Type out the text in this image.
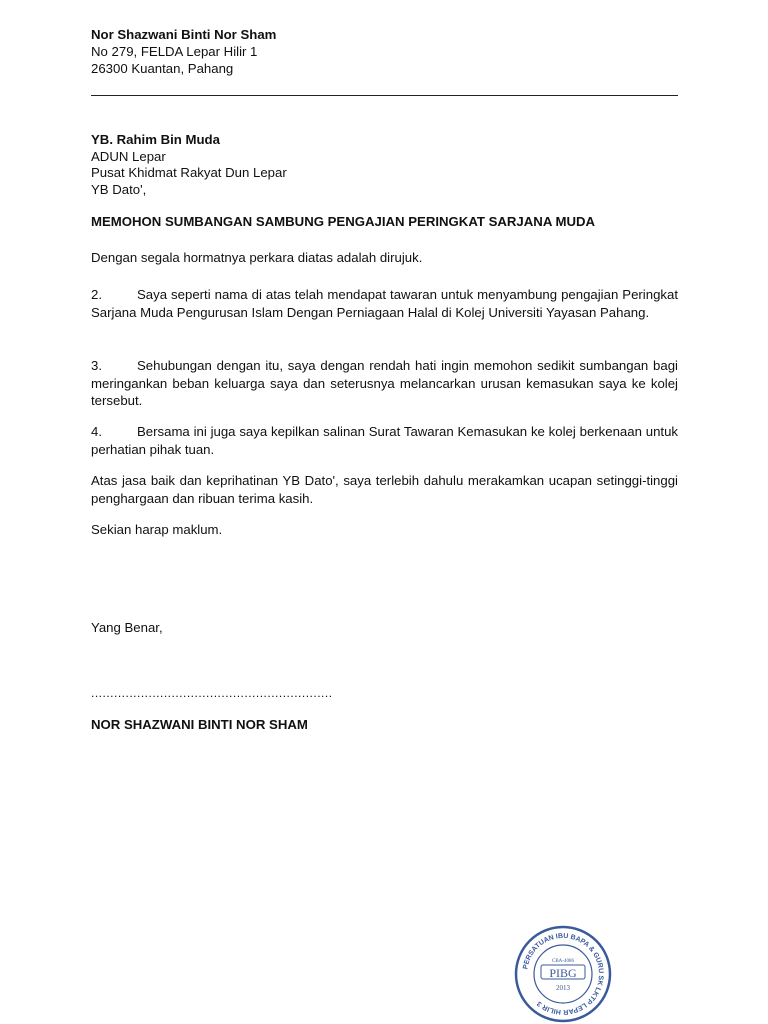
Nor Shazwani Binti Nor Sham
No 279, FELDA Lepar Hilir 1
26300 Kuantan, Pahang
YB. Rahim Bin Muda
ADUN Lepar
Pusat Khidmat Rakyat Dun Lepar
YB Dato',
MEMOHON SUMBANGAN SAMBUNG PENGAJIAN PERINGKAT SARJANA MUDA
Dengan segala hormatnya perkara diatas adalah dirujuk.
2.	Saya seperti nama di atas telah mendapat tawaran untuk menyambung pengajian Peringkat Sarjana Muda Pengurusan Islam Dengan Perniagaan Halal di Kolej Universiti Yayasan Pahang.
3.	Sehubungan dengan itu, saya dengan rendah hati ingin memohon sedikit sumbangan bagi meringankan beban keluarga saya dan seterusnya melancarkan urusan kemasukan saya ke kolej tersebut.
4.	Bersama ini juga saya kepilkan salinan Surat Tawaran Kemasukan ke kolej berkenaan untuk perhatian pihak tuan.
Atas jasa baik dan keprihatinan YB Dato', saya terlebih dahulu merakamkan ucapan setinggi-tinggi penghargaan dan ribuan terima kasih.
Sekian harap maklum.
Yang Benar,
...............................................................
NOR SHAZWANI BINTI NOR SHAM
PERSATUAN IBU BAPA & GURU SK LKTP LEPAR HILIR 3
CBA-4086
PIBG
2013
